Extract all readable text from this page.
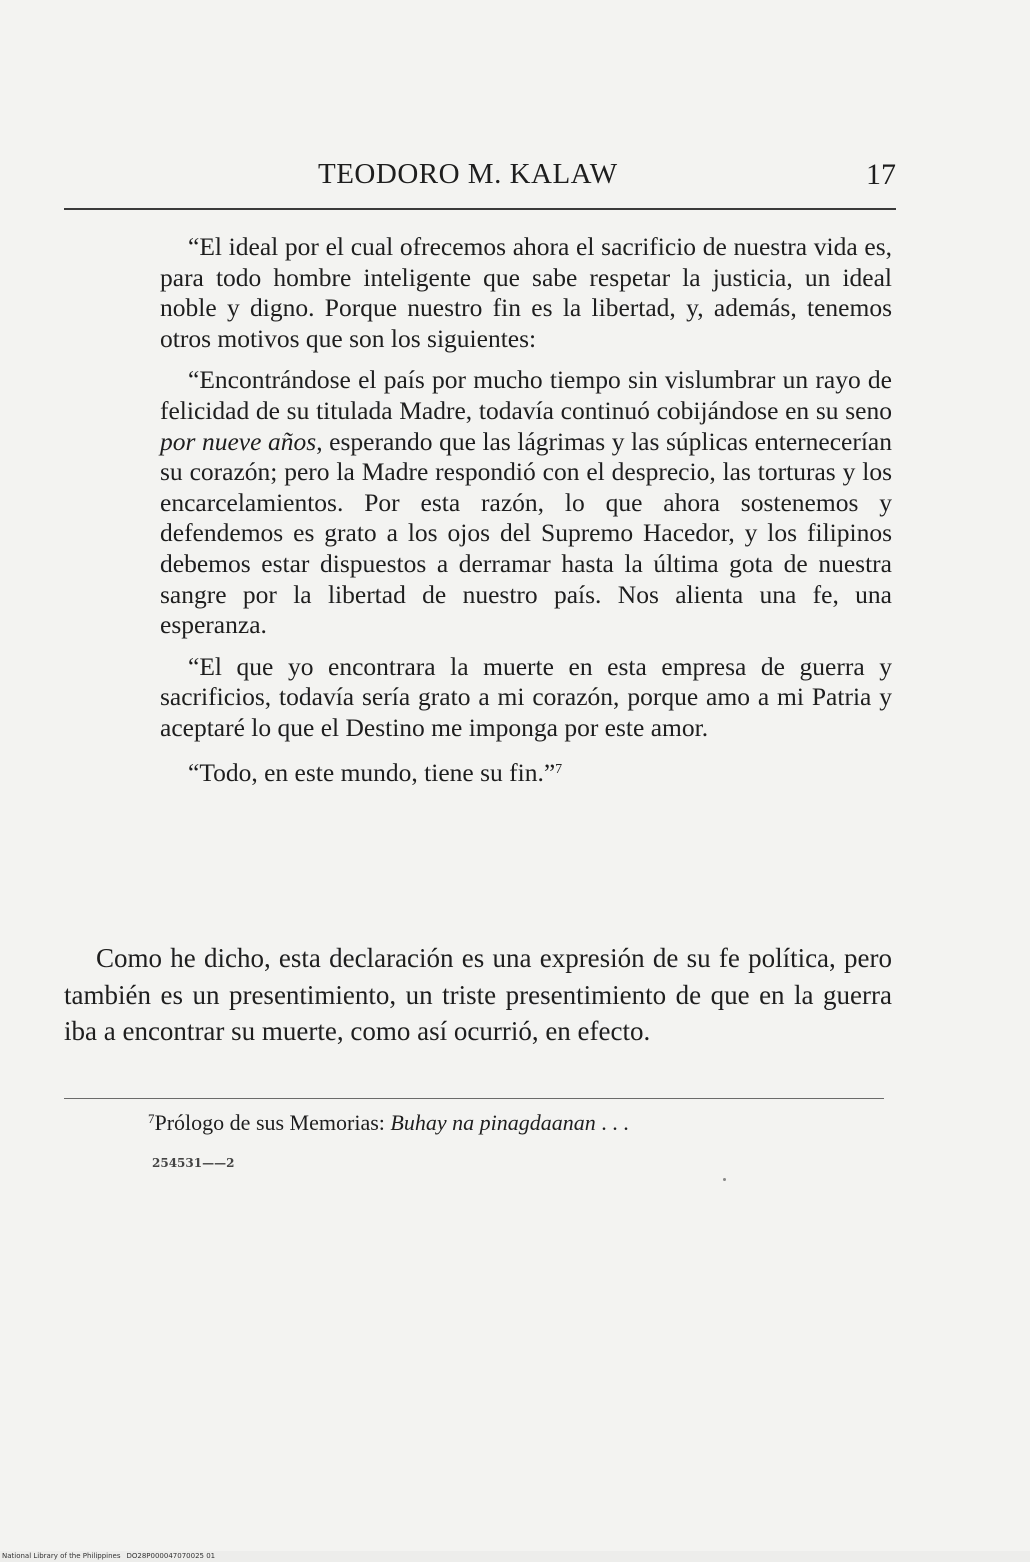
TEODORO M. KALAW	17

“El ideal por el cual ofrecemos ahora el sacrificio de nuestra vida es, para todo hombre inteligente que sabe respetar la justicia, un ideal noble y digno. Porque nuestro fin es la libertad, y, además, tenemos otros motivos que son los siguientes:

“Encontrándose el país por mucho tiempo sin vislumbrar un rayo de felicidad de su titulada Madre, todavía continuó cobijándose en su seno por nueve años, esperando que las lágrimas y las súplicas enternecerían su corazón; pero la Madre respondió con el desprecio, las torturas y los encarcelamientos. Por esta razón, lo que ahora sostenemos y defendemos es grato a los ojos del Supremo Hacedor, y los filipinos debemos estar dispuestos a derramar hasta la última gota de nuestra sangre por la libertad de nuestro país. Nos alienta una fe, una esperanza.

“El que yo encontrara la muerte en esta empresa de guerra y sacrificios, todavía sería grato a mi corazón, porque amo a mi Patria y aceptaré lo que el Destino me imponga por este amor.

“Todo, en este mundo, tiene su fin.”$^7$

Como he dicho, esta declaración es una expresión de su fe política, pero también es un presentimiento, un triste presentimiento de que en la guerra iba a encontrar su muerte, como así ocurrió, en efecto.

$^7$Prólogo de sus Memorias: Buhay na pinagdaanan . . .
254531——2
National Library of the Philippines DO28P000047070025 01
